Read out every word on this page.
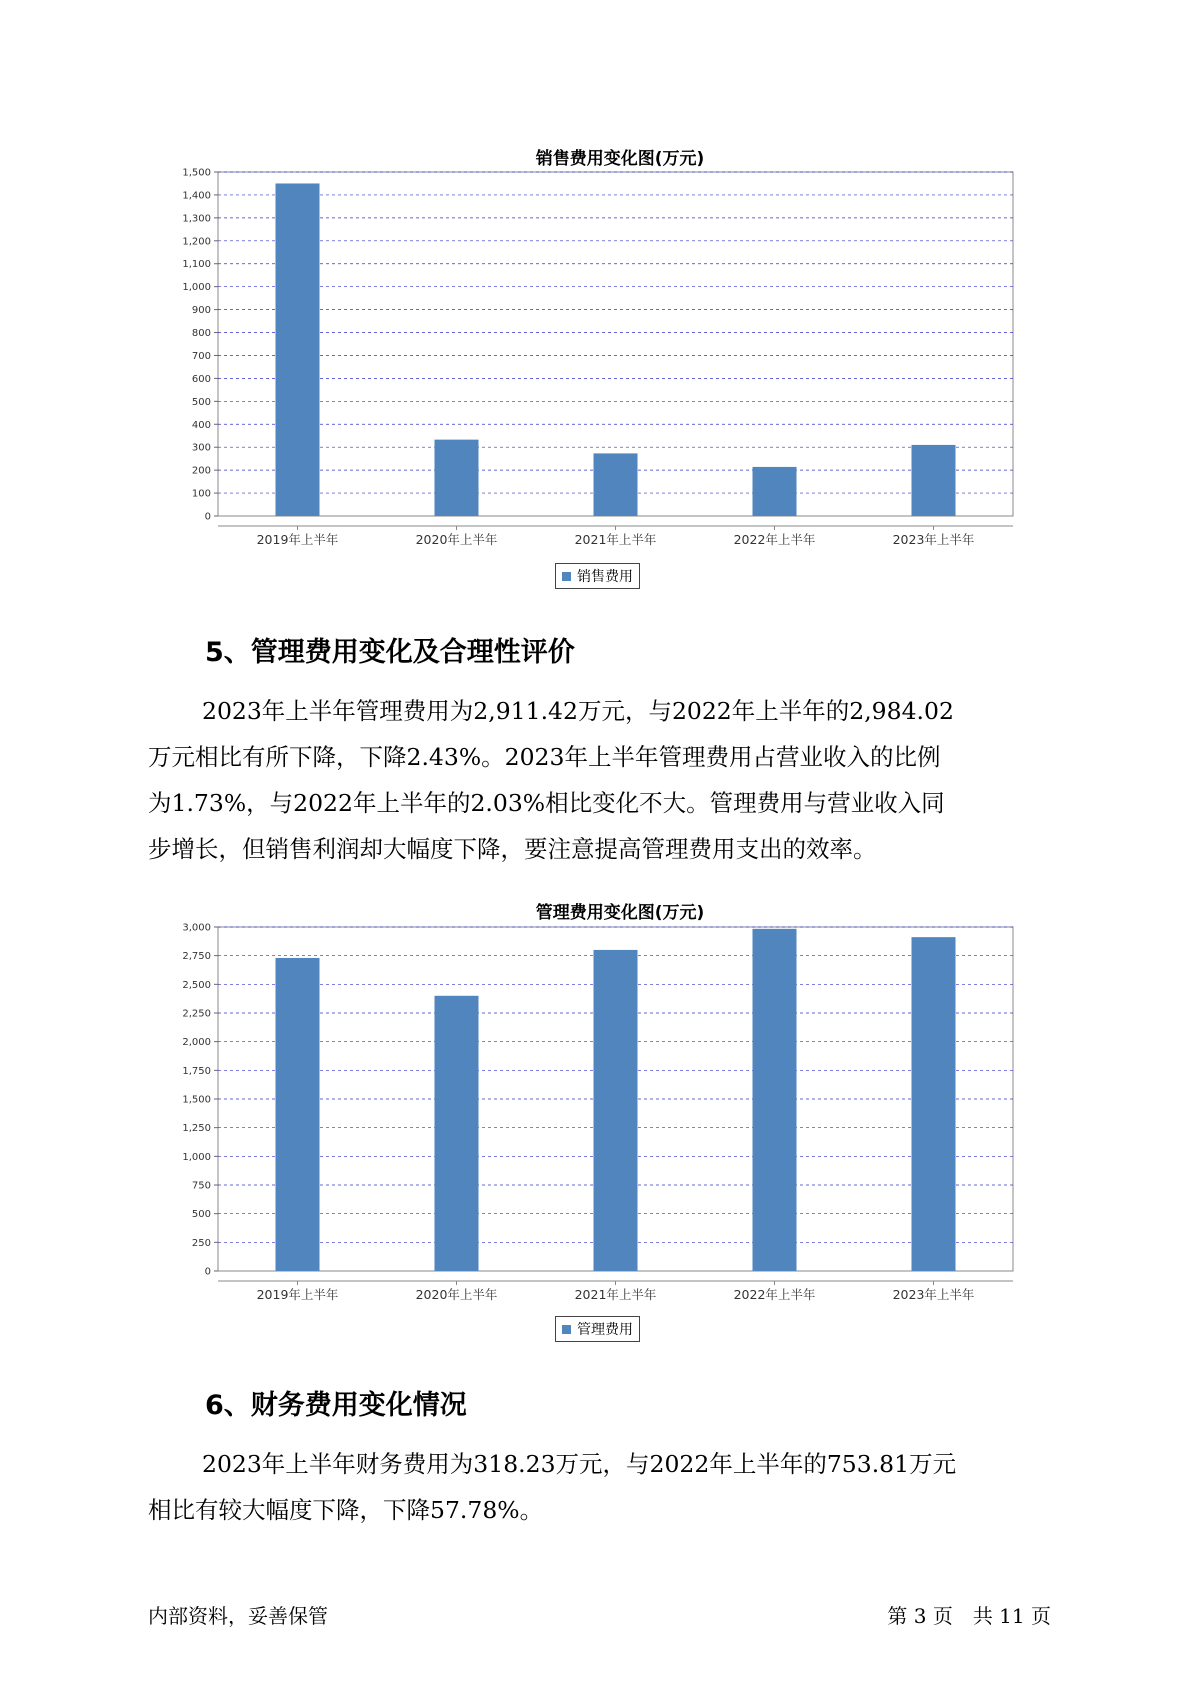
销售费用变化图(万元)
0
100
200
300
400
500
600
700
800
900
1,000
1,100
1,200
1,300
1,400
1,500
2019年上半年	2020年上半年	2021年上半年	2022年上半年	2023年上半年
销售费用
5、管理费用变化及合理性评价
2023年上半年管理费用为2,911.42万元，与2022年上半年的2,984.02
万元相比有所下降，下降2.43%。2023年上半年管理费用占营业收入的比例
为1.73%，与2022年上半年的2.03%相比变化不大。管理费用与营业收入同
步增长，但销售利润却大幅度下降，要注意提高管理费用支出的效率。
管理费用变化图(万元)
0
250
500
750
1,000
1,250
1,500
1,750
2,000
2,250
2,500
2,750
3,000
2019年上半年	2020年上半年	2021年上半年	2022年上半年	2023年上半年
管理费用
6、财务费用变化情况
2023年上半年财务费用为318.23万元，与2022年上半年的753.81万元
相比有较大幅度下降，下降57.78%。
内部资料，妥善保管	第 3 页　共 11 页
